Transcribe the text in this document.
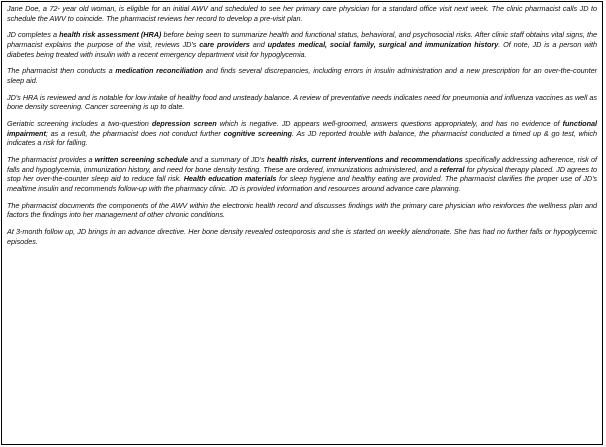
Jane Doe, a 72- year old woman, is eligible for an initial AWV and scheduled to see her primary care physician for a standard office visit next week. The clinic pharmacist calls JD to schedule the AWV to coincide. The pharmacist reviews her record to develop a pre-visit plan.

JD completes a health risk assessment (HRA) before being seen to summarize health and functional status, behavioral, and psychosocial risks. After clinic staff obtains vital signs, the pharmacist explains the purpose of the visit, reviews JD's care providers and updates medical, social family, surgical and immunization history. Of note, JD is a person with diabetes being treated with insulin with a recent emergency department visit for hypoglycemia.

The pharmacist then conducts a medication reconciliation and finds several discrepancies, including errors in insulin administration and a new prescription for an over-the-counter sleep aid.

JD's HRA is reviewed and is notable for low intake of healthy food and unsteady balance. A review of preventative needs indicates need for pneumonia and influenza vaccines as well as bone density screening. Cancer screening is up to date.

Geriatric screening includes a two-question depression screen which is negative. JD appears well-groomed, answers questions appropriately, and has no evidence of functional impairment; as a result, the pharmacist does not conduct further cognitive screening. As JD reported trouble with balance, the pharmacist conducted a timed up & go test, which indicates a risk for falling.

The pharmacist provides a written screening schedule and a summary of JD's health risks, current interventions and recommendations specifically addressing adherence, risk of falls and hypoglycemia, immunization history, and need for bone density testing. These are ordered, immunizations administered, and a referral for physical therapy placed. JD agrees to stop her over-the-counter sleep aid to reduce fall risk. Health education materials for sleep hygiene and healthy eating are provided. The pharmacist clarifies the proper use of JD's mealtime insulin and recommends follow-up with the pharmacy clinic. JD is provided information and resources around advance care planning.

The pharmacist documents the components of the AWV within the electronic health record and discusses findings with the primary care physician who reinforces the wellness plan and factors the findings into her management of other chronic conditions.

At 3-month follow up, JD brings in an advance directive. Her bone density revealed osteoporosis and she is started on weekly alendronate. She has had no further falls or hypoglycemic episodes.
